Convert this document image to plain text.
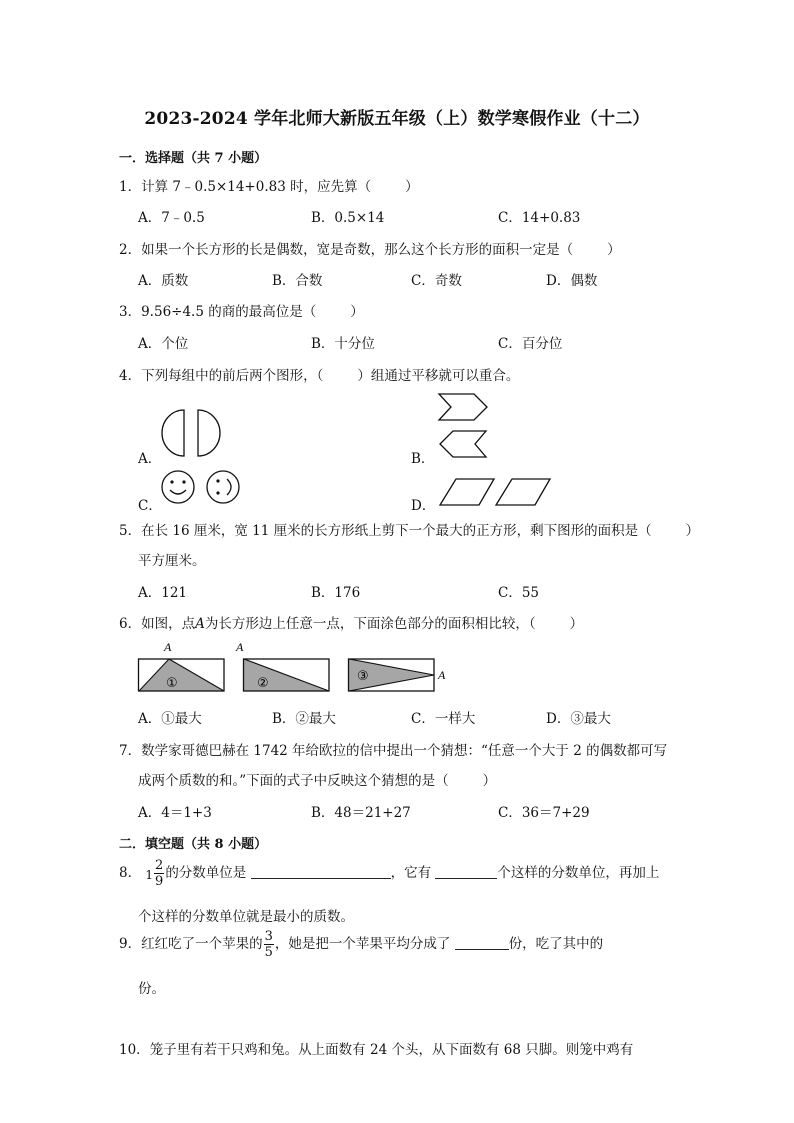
2023-2024 学年北师大新版五年级（上）数学寒假作业（十二）
一．选择题（共 7 小题）
1．计算 7﹣0.5×14+0.83 时，应先算（	）
A．7﹣0.5	B．0.5×14	C．14+0.83
2．如果一个长方形的长是偶数，宽是奇数，那么这个长方形的面积一定是（	）
A．质数	B．合数	C．奇数	D．偶数
3．9.56÷4.5 的商的最高位是（	）
A．个位	B．十分位	C．百分位
4．下列每组中的前后两个图形，（	）组通过平移就可以重合。
A．	B．
C．	D．
5．在长 16 厘米，宽 11 厘米的长方形纸上剪下一个最大的正方形，剩下图形的面积是（	）
平方厘米。
A．121	B．176	C．55
6．如图，点A为长方形边上任意一点，下面涂色部分的面积相比较，（	）
A
①
A
②	③	A
A．①最大	B．②最大	C．一样大	D．③最大
7．数学家哥德巴赫在 1742 年给欧拉的信中提出一个猜想：“任意一个大于 2 的偶数都可写
成两个质数的和。”下面的式子中反映这个猜想的是（	）
A．4＝1+3	B．48＝21+27	C．36＝7+29
二．填空题（共 8 小题）
8． $1 \frac{2}{9}$ 的分数单位是	，它有	个这样的分数单位，再加上
个这样的分数单位就是最小的质数。
9．红红吃了一个苹果的 $\frac{3}{5}$ ，她是把一个苹果平均分成了	份，吃了其中的
份。
10．笼子里有若干只鸡和兔。从上面数有 24 个头，从下面数有 68 只脚。则笼中鸡有
